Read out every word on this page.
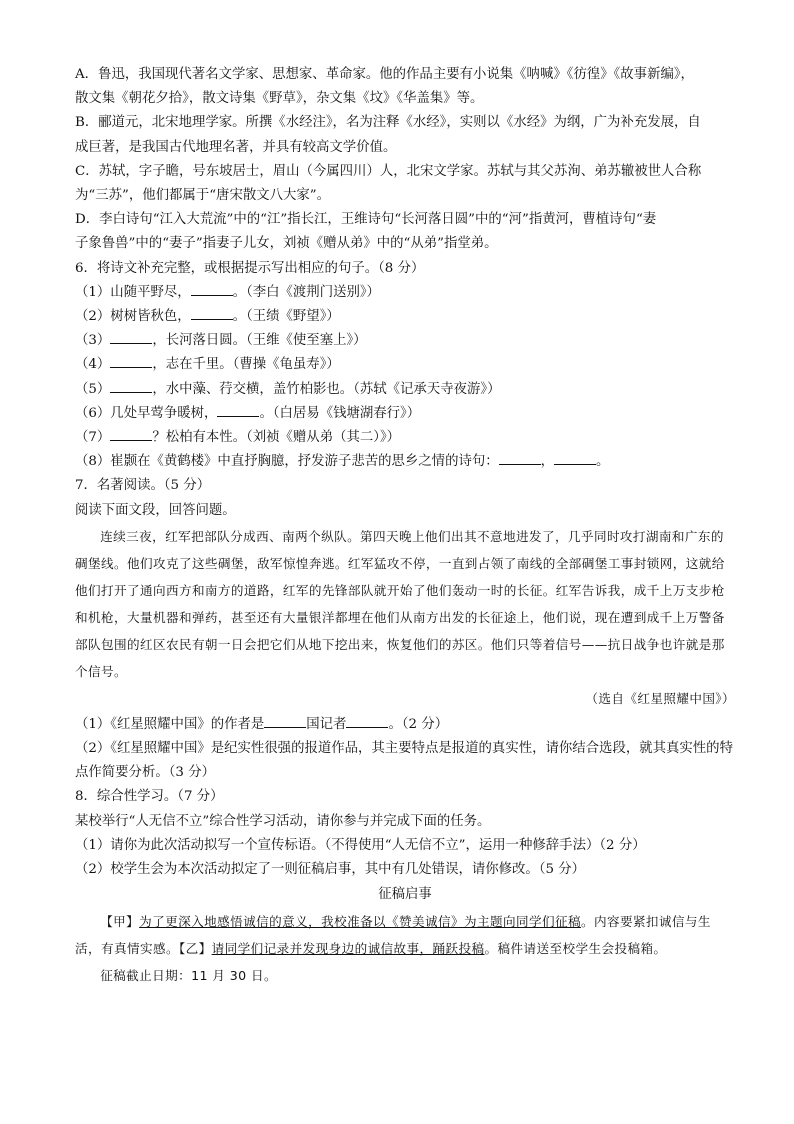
A．鲁迅，我国现代著名文学家、思想家、革命家。他的作品主要有小说集《呐喊》《彷徨》《故事新编》，

散文集《朝花夕拾》，散文诗集《野草》，杂文集《坟》《华盖集》等。

B．郦道元，北宋地理学家。所撰《水经注》，名为注释《水经》，实则以《水经》为纲，广为补充发展，自

成巨著，是我国古代地理名著，并具有较高文学价值。

C．苏轼，字子瞻，号东坡居士，眉山（今属四川）人，北宋文学家。苏轼与其父苏洵、弟苏辙被世人合称

为“三苏”，他们都属于“唐宋散文八大家”。

D．李白诗句“江入大荒流”中的“江”指长江，王维诗句“长河落日圆”中的“河”指黄河，曹植诗句“妻

子象鲁兽”中的“妻子”指妻子儿女，刘祯《赠从弟》中的“从弟”指堂弟。

6．将诗文补充完整，或根据提示写出相应的句子。（8 分）

（1）山随平野尽，	。（李白《渡荆门送别》）

（2）树树皆秋色，	。（王绩《野望》）

（3）	，长河落日圆。（王维《使至塞上》）

（4）	，志在千里。（曹操《龟虽寿》）

（5）	，水中藻、荇交横，盖竹柏影也。（苏轼《记承天寺夜游》）

（6）几处早莺争暖树，	。（白居易《钱塘湖春行》）

（7）	？松柏有本性。（刘祯《赠从弟（其二）》）

（8）崔颢在《黄鹤楼》中直抒胸臆，抒发游子悲苦的思乡之情的诗句：	，	。

7．名著阅读。（5 分）

阅读下面文段，回答问题。

连续三夜，红军把部队分成西、南两个纵队。第四天晚上他们出其不意地进发了，几乎同时攻打湖南和广东的碉堡线。他们攻克了这些碉堡，敌军惊惶奔逃。红军猛攻不停，一直到占领了南线的全部碉堡工事封锁网，这就给他们打开了通向西方和南方的道路，红军的先锋部队就开始了他们轰动一时的长征。红军告诉我，成千上万支步枪和机枪，大量机器和弹药，甚至还有大量银洋都埋在他们从南方出发的长征途上，他们说，现在遭到成千上万警备部队包围的红区农民有朝一日会把它们从地下挖出来，恢复他们的苏区。他们只等着信号——抗日战争也许就是那个信号。

（选自《红星照耀中国》）

（1）《红星照耀中国》的作者是	国记者	。（2 分）

（2）《红星照耀中国》是纪实性很强的报道作品，其主要特点是报道的真实性，请你结合选段，就其真实性的特点作简要分析。（3 分）

8．综合性学习。（7 分）

某校举行“人无信不立”综合性学习活动，请你参与并完成下面的任务。

（1）请你为此次活动拟写一个宣传标语。（不得使用“人无信不立”，运用一种修辞手法）（2 分）

（2）校学生会为本次活动拟定了一则征稿启事，其中有几处错误，请你修改。（5 分）

征稿启事

【甲】为了更深入地感悟诚信的意义，我校准备以《赞美诚信》为主题向同学们征稿。内容要紧扣诚信与生活，有真情实感。【乙】请同学们记录并发现身边的诚信故事，踊跃投稿。稿件请送至校学生会投稿箱。

征稿截止日期：11 月 30 日。
